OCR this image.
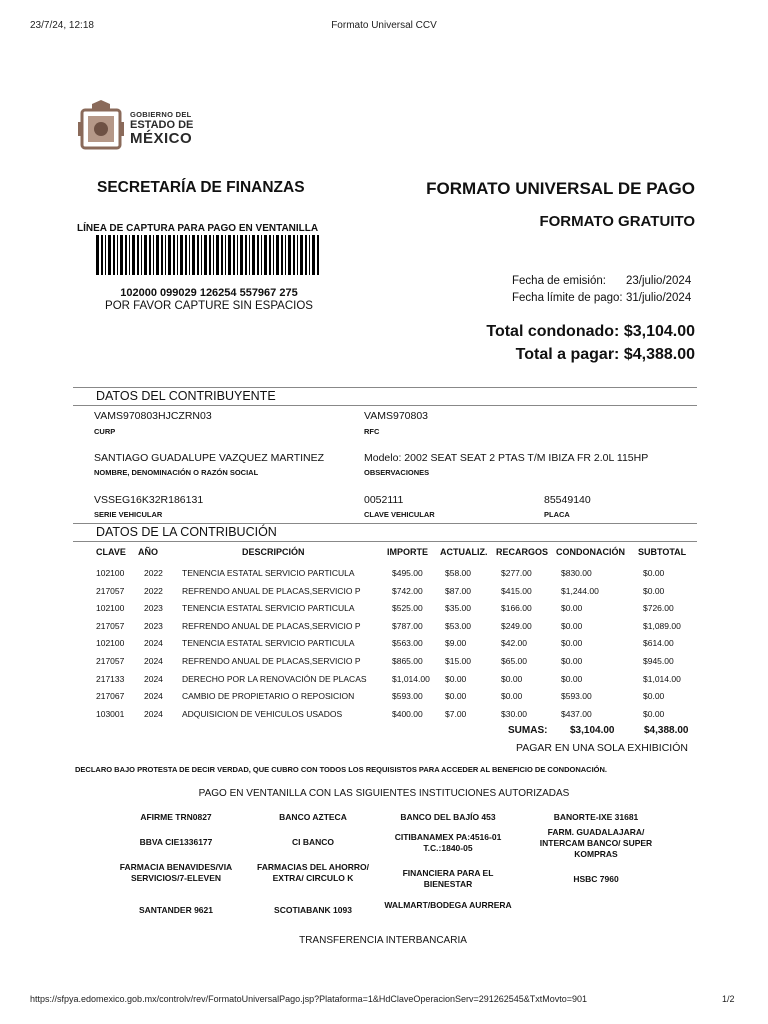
23/7/24, 12:18	Formato Universal CCV
GOBIERNO DEL
ESTADO DE
MÉXICO
SECRETARÍA DE FINANZAS	FORMATO UNIVERSAL DE PAGO
FORMATO GRATUITO
LÍNEA DE CAPTURA PARA PAGO EN VENTANILLA
102000 099029 126254 557967 275
POR FAVOR CAPTURE SIN ESPACIOS
Fecha de emisión: 23/julio/2024
Fecha límite de pago: 31/julio/2024
Total condonado: $3,104.00
Total a pagar: $4,388.00
DATOS DEL CONTRIBUYENTE
VAMS970803HJCZRN03
CURP
VAMS970803
RFC
SANTIAGO GUADALUPE VAZQUEZ MARTINEZ
NOMBRE, DENOMINACIÓN O RAZÓN SOCIAL
Modelo: 2002 SEAT SEAT 2 PTAS T/M IBIZA FR 2.0L 115HP
OBSERVACIONES
VSSEG16K32R186131
SERIE VEHICULAR
0052111
CLAVE VEHICULAR
85549140
PLACA
DATOS DE LA CONTRIBUCIÓN
CLAVE AÑO	DESCRIPCIÓN	IMPORTE ACTUALIZ. RECARGOS CONDONACIÓN SUBTOTAL
102100 2022 TENENCIA ESTATAL SERVICIO PARTICULA	$495.00	$58.00	$277.00	$830.00	$0.00
217057 2022 REFRENDO ANUAL DE PLACAS,SERVICIO P	$742.00	$87.00	$415.00	$1,244.00	$0.00
102100 2023 TENENCIA ESTATAL SERVICIO PARTICULA	$525.00	$35.00	$166.00	$0.00	$726.00
217057 2023 REFRENDO ANUAL DE PLACAS,SERVICIO P	$787.00	$53.00	$249.00	$0.00	$1,089.00
102100 2024 TENENCIA ESTATAL SERVICIO PARTICULA	$563.00	$9.00	$42.00	$0.00	$614.00
217057 2024 REFRENDO ANUAL DE PLACAS,SERVICIO P	$865.00	$15.00	$65.00	$0.00	$945.00
217133 2024 DERECHO POR LA RENOVACIÓN DE PLACAS	$1,014.00 $0.00	$0.00	$0.00	$1,014.00
217067 2024 CAMBIO DE PROPIETARIO O REPOSICION	$593.00	$0.00	$0.00	$593.00	$0.00
103001 2024 ADQUISICION DE VEHICULOS USADOS	$400.00	$7.00	$30.00	$437.00	$0.00
SUMAS: $3,104.00	$4,388.00
PAGAR EN UNA SOLA EXHIBICIÓN
DECLARO BAJO PROTESTA DE DECIR VERDAD, QUE CUBRO CON TODOS LOS REQUISISTOS PARA ACCEDER AL BENEFICIO DE CONDONACIÓN.
PAGO EN VENTANILLA CON LAS SIGUIENTES INSTITUCIONES AUTORIZADAS
AFIRME TRN0827	BANCO AZTECA	BANCO DEL BAJÍO 453	BANORTE-IXE 31681
BBVA CIE1336177	CI BANCO	CITIBANAMEX PA:4516-01 T.C.:1840-05
FARM. GUADALAJARA/ INTERCAM BANCO/ SUPER KOMPRAS
FARMACIA BENAVIDES/VIA SERVICIOS/7-ELEVEN
FARMACIAS DEL AHORRO/ EXTRA/ CIRCULO K	FINANCIERA PARA EL BIENESTAR	HSBC 7960
SANTANDER 9621	SCOTIABANK 1093	WALMART/BODEGA AURRERA
TRANSFERENCIA INTERBANCARIA
https://sfpya.edomexico.gob.mx/controlv/rev/FormatoUniversalPago.jsp?Plataforma=1&HdClaveOperacionServ=291262545&TxtMovto=901	1/2
